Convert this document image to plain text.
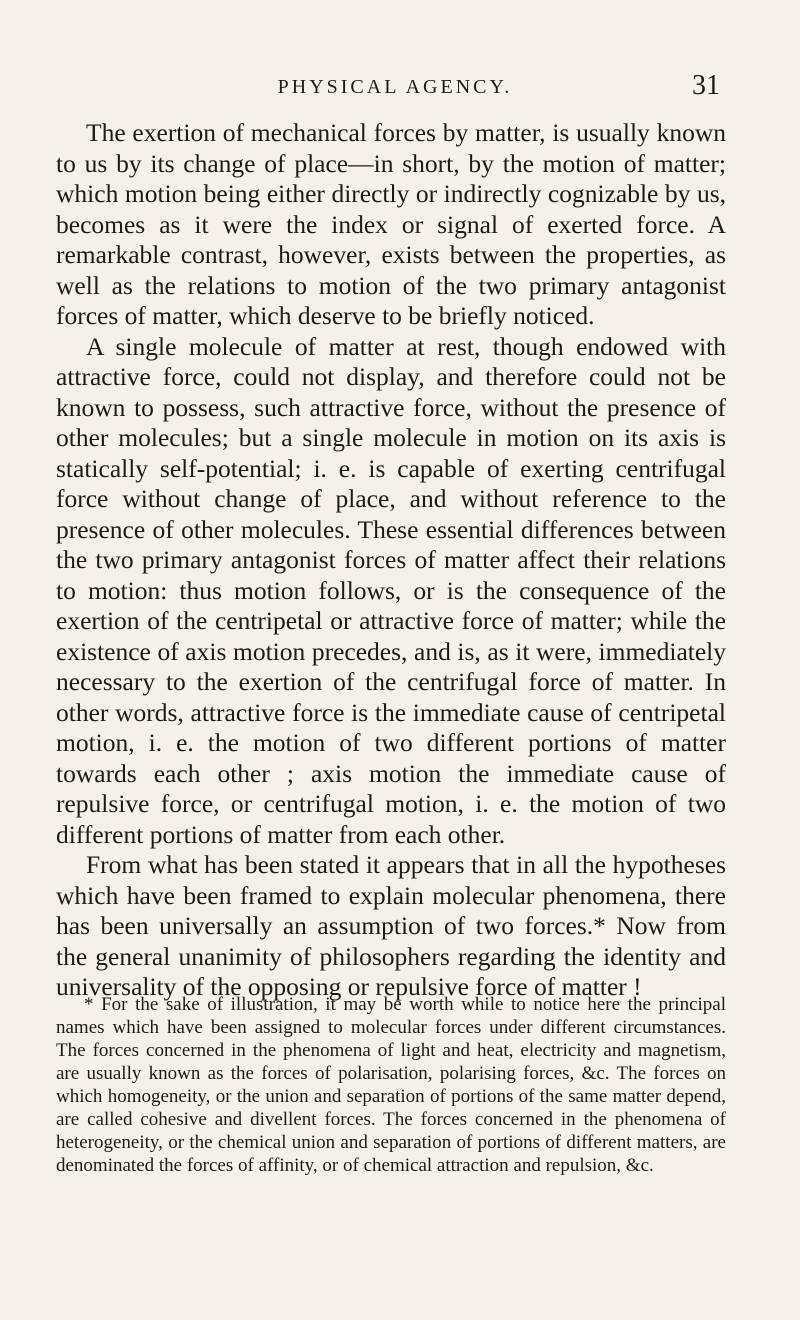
PHYSICAL AGENCY.	31

The exertion of mechanical forces by matter, is usually known to us by its change of place—in short, by the motion of matter; which motion being either directly or indirectly cognizable by us, becomes as it were the index or signal of exerted force. A remarkable contrast, however, exists between the properties, as well as the relations to motion of the two primary antagonist forces of matter, which deserve to be briefly noticed.

A single molecule of matter at rest, though endowed with attractive force, could not display, and therefore could not be known to possess, such attractive force, without the presence of other molecules; but a single molecule in motion on its axis is statically self-potential; i. e. is capable of exerting centrifugal force without change of place, and without reference to the presence of other molecules. These essential differences between the two primary antagonist forces of matter affect their relations to motion: thus motion follows, or is the consequence of the exertion of the centripetal or attractive force of matter; while the existence of axis motion precedes, and is, as it were, immediately necessary to the exertion of the centrifugal force of matter. In other words, attractive force is the immediate cause of centripetal motion, i. e. the motion of two different portions of matter towards each other ; axis motion the immediate cause of repulsive force, or centrifugal motion, i. e. the motion of two different portions of matter from each other.

From what has been stated it appears that in all the hypotheses which have been framed to explain molecular phenomena, there has been universally an assumption of two forces.* Now from the general unanimity of philosophers regarding the identity and universality of the opposing or repulsive force of matter !

* For the sake of illustration, it may be worth while to notice here the principal names which have been assigned to molecular forces under different circumstances. The forces concerned in the phenomena of light and heat, electricity and magnetism, are usually known as the forces of polarisation, polarising forces, &c. The forces on which homogeneity, or the union and separation of portions of the same matter depend, are called cohesive and divellent forces. The forces concerned in the phenomena of heterogeneity, or the chemical union and separation of portions of different matters, are denominated the forces of affinity, or of chemical attraction and repulsion, &c.
